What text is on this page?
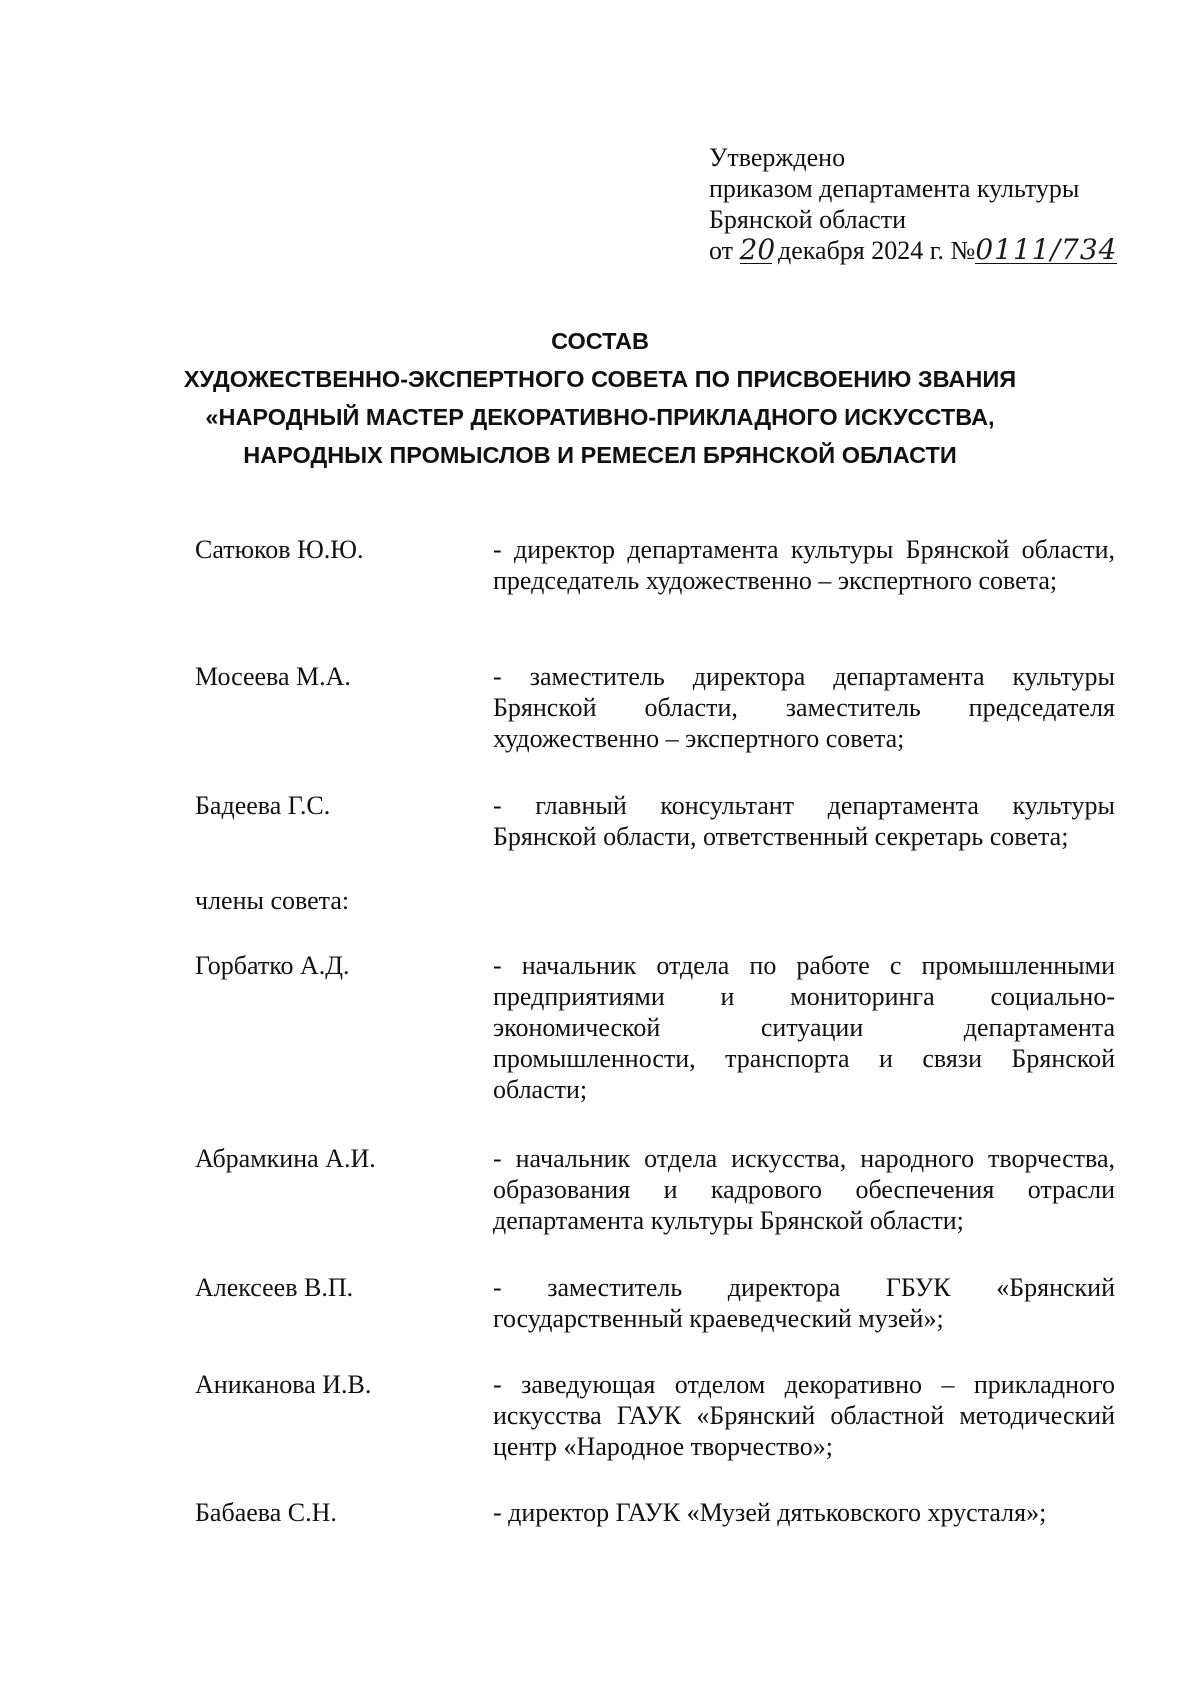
Утверждено
приказом департамента культуры
Брянской области
от 20 декабря 2024 г. №0111/734
СОСТАВ
ХУДОЖЕСТВЕННО-ЭКСПЕРТНОГО СОВЕТА ПО ПРИСВОЕНИЮ ЗВАНИЯ
«НАРОДНЫЙ МАСТЕР ДЕКОРАТИВНО-ПРИКЛАДНОГО ИСКУССТВА,
НАРОДНЫХ ПРОМЫСЛОВ И РЕМЕСЕЛ БРЯНСКОЙ ОБЛАСТИ
Сатюков Ю.Ю.	- директор департамента культуры Брянской области, председатель художественно – экспертного совета;
Мосеева М.А.	- заместитель директора департамента культуры Брянской области, заместитель председателя художественно – экспертного совета;
Бадеева Г.С.	- главный консультант департамента культуры Брянской области, ответственный секретарь совета;
члены совета:
Горбатко А.Д.	- начальник отдела по работе с промышленными предприятиями и мониторинга социально-экономической ситуации департамента промышленности, транспорта и связи Брянской области;
Абрамкина А.И.	- начальник отдела искусства, народного творчества, образования и кадрового обеспечения отрасли департамента культуры Брянской области;
Алексеев В.П.	- заместитель директора ГБУК «Брянский государственный краеведческий музей»;
Аниканова И.В.	- заведующая отделом декоративно – прикладного искусства ГАУК «Брянский областной методический центр «Народное творчество»;
Бабаева С.Н.	- директор ГАУК «Музей дятьковского хрусталя»;
